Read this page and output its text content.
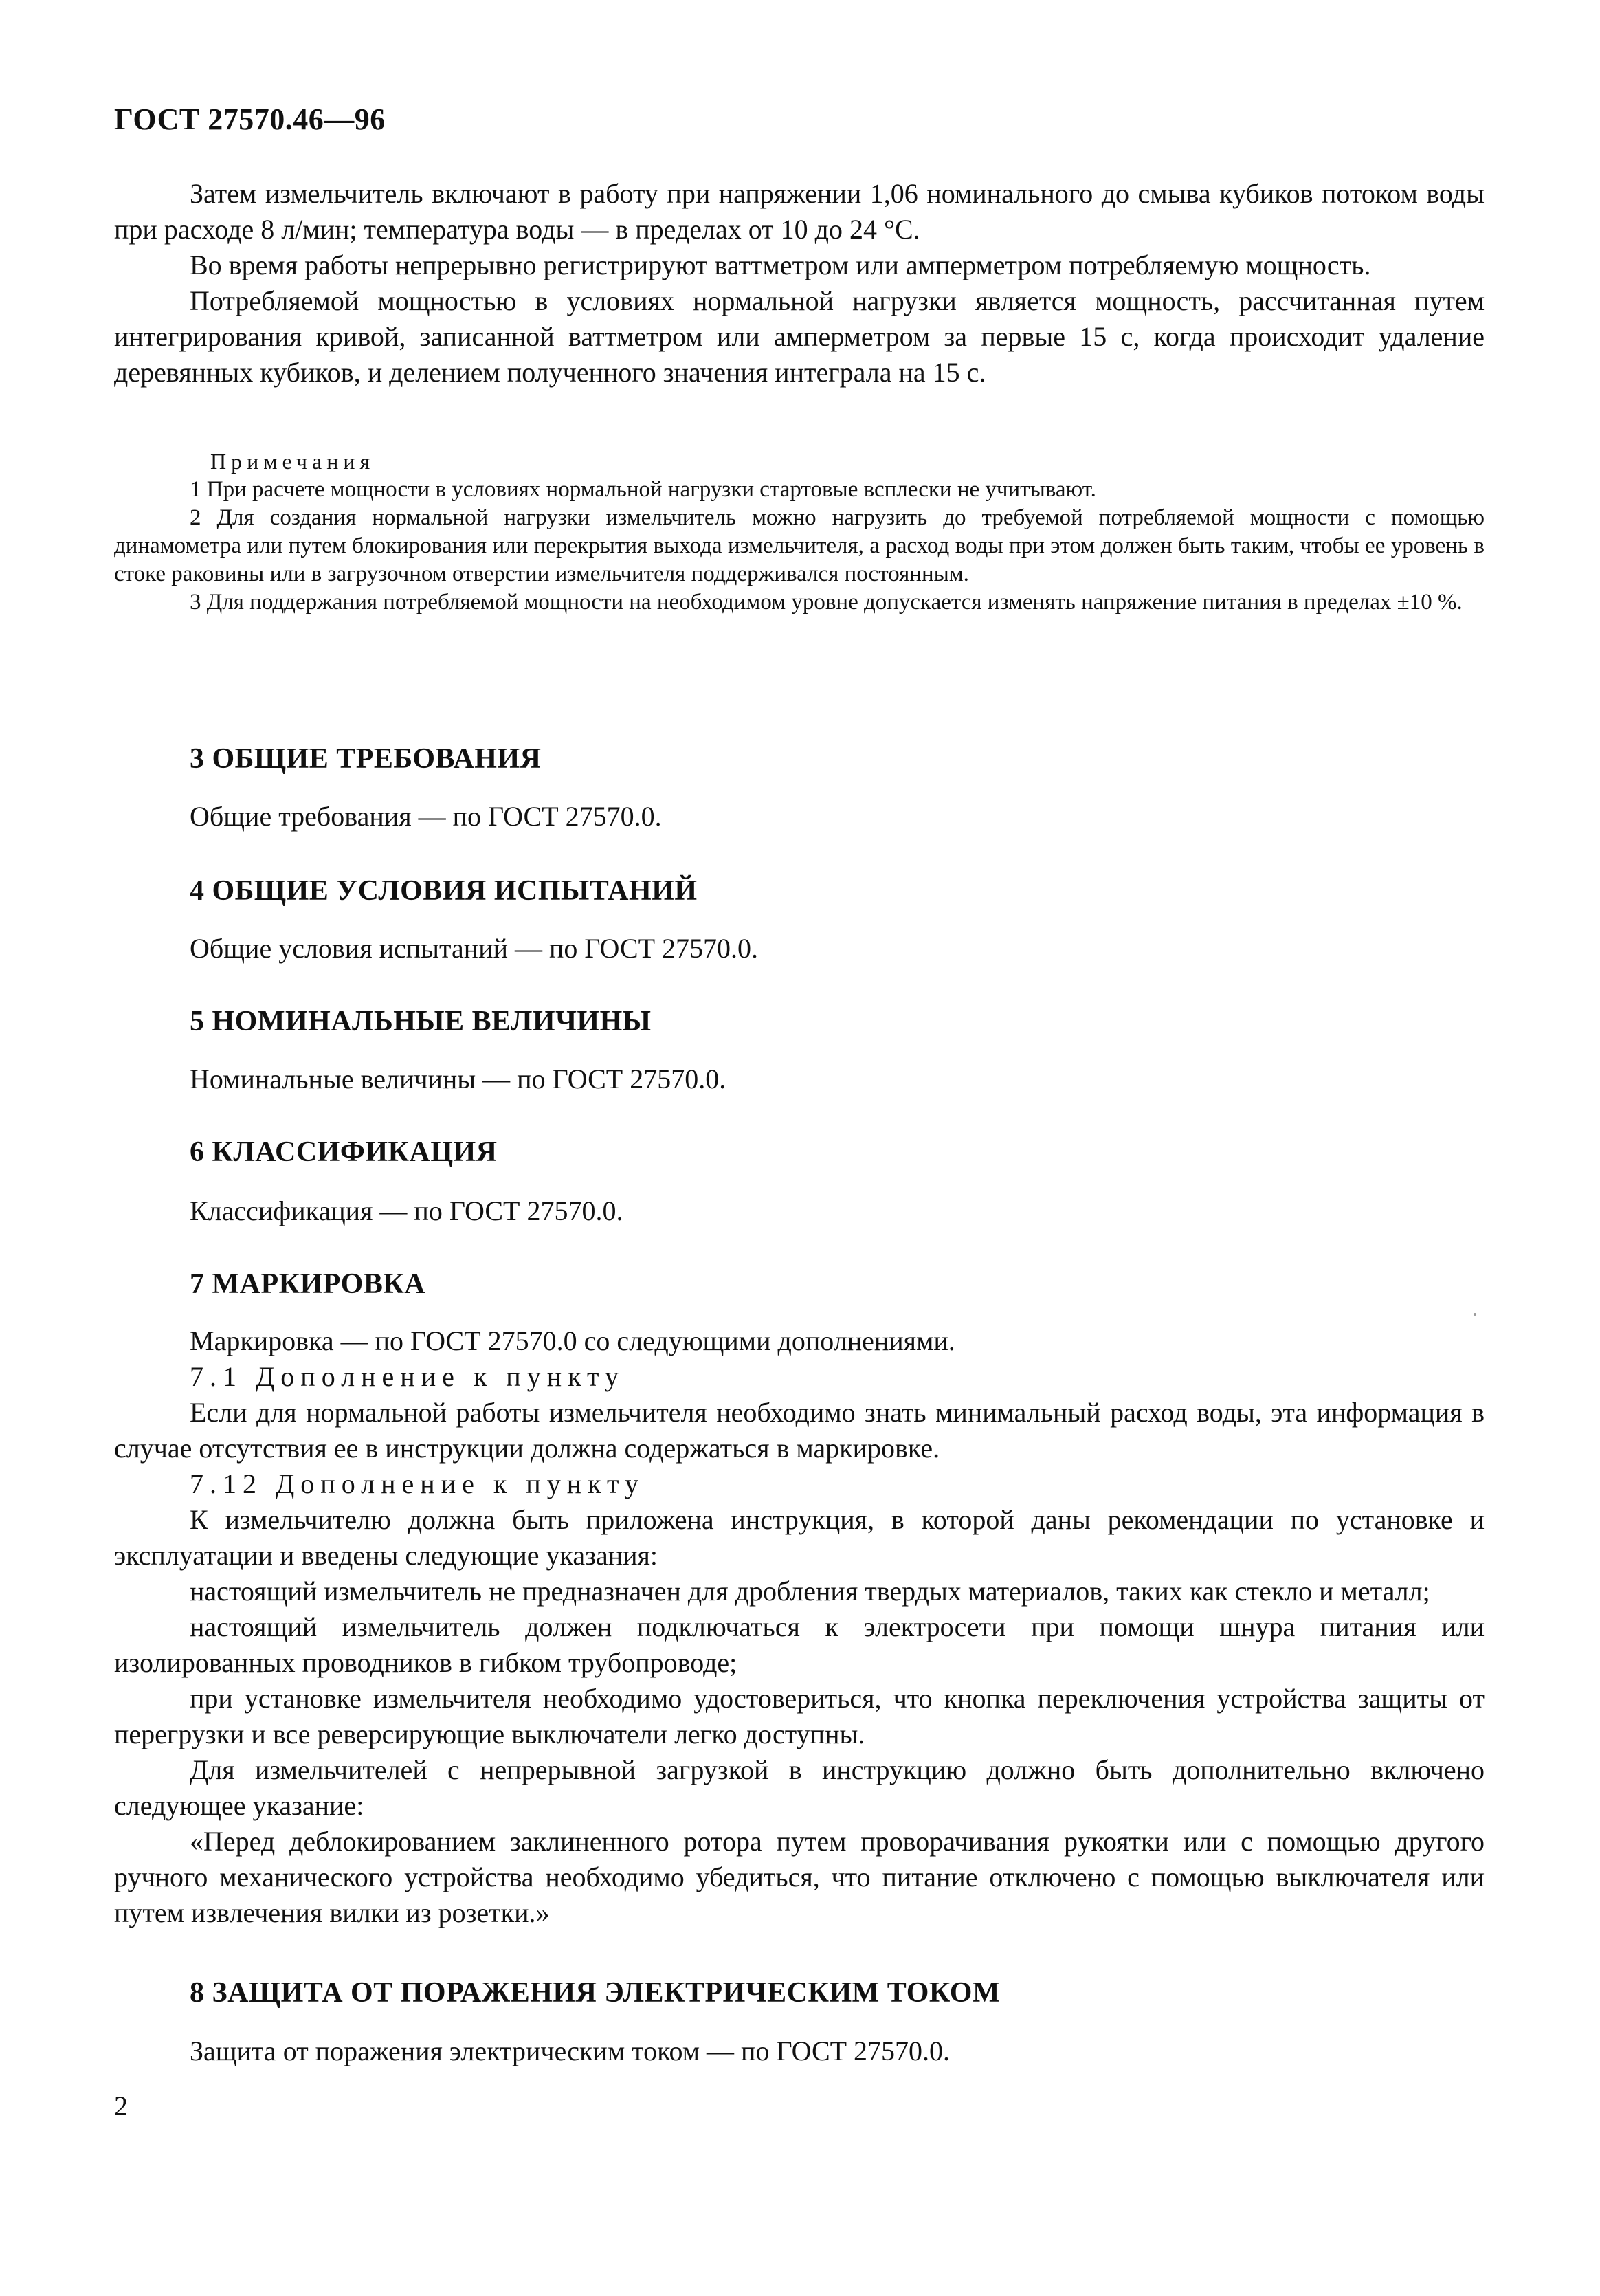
ГОСТ 27570.46—96

Затем измельчитель включают в работу при напряжении 1,06 номинального до смыва кубиков потоком воды при расходе 8 л/мин; температура воды — в пределах от 10 до 24 °С.

Во время работы непрерывно регистрируют ваттметром или амперметром потребляемую мощность.

Потребляемой мощностью в условиях нормальной нагрузки является мощность, рассчитанная путем интегрирования кривой, записанной ваттметром или амперметром за первые 15 с, когда происходит удаление деревянных кубиков, и делением полученного значения интеграла на 15 с.

Примечания

1 При расчете мощности в условиях нормальной нагрузки стартовые всплески не учитывают.

2 Для создания нормальной нагрузки измельчитель можно нагрузить до требуемой потребляемой мощности с помощью динамометра или путем блокирования или перекрытия выхода измельчителя, а расход воды при этом должен быть таким, чтобы ее уровень в стоке раковины или в загрузочном отверстии измельчителя поддерживался постоянным.

3 Для поддержания потребляемой мощности на необходимом уровне допускается изменять напряжение питания в пределах ±10 %.

3 ОБЩИЕ ТРЕБОВАНИЯ
Общие требования — по ГОСТ 27570.0.
4 ОБЩИЕ УСЛОВИЯ ИСПЫТАНИЙ
Общие условия испытаний — по ГОСТ 27570.0.
5 НОМИНАЛЬНЫЕ ВЕЛИЧИНЫ
Номинальные величины — по ГОСТ 27570.0.
6 КЛАССИФИКАЦИЯ
Классификация — по ГОСТ 27570.0.
7 МАРКИРОВКА

Маркировка — по ГОСТ 27570.0 со следующими дополнениями.

7.1 Дополнение к пункту

Если для нормальной работы измельчителя необходимо знать минимальный расход воды, эта информация в случае отсутствия ее в инструкции должна содержаться в маркировке.

7.12 Дополнение к пункту

К измельчителю должна быть приложена инструкция, в которой даны рекомендации по установке и эксплуатации и введены следующие указания:

настоящий измельчитель не предназначен для дробления твердых материалов, таких как стекло и металл;

настоящий измельчитель должен подключаться к электросети при помощи шнура питания или изолированных проводников в гибком трубопроводе;

при установке измельчителя необходимо удостовериться, что кнопка переключения устройства защиты от перегрузки и все реверсирующие выключатели легко доступны.

Для измельчителей с непрерывной загрузкой в инструкцию должно быть дополнительно включено следующее указание:

«Перед деблокированием заклиненного ротора путем проворачивания рукоятки или с помощью другого ручного механического устройства необходимо убедиться, что питание отключено с помощью выключателя или путем извлечения вилки из розетки.»

8 ЗАЩИТА ОТ ПОРАЖЕНИЯ ЭЛЕКТРИЧЕСКИМ ТОКОМ
Защита от поражения электрическим током — по ГОСТ 27570.0.
2
